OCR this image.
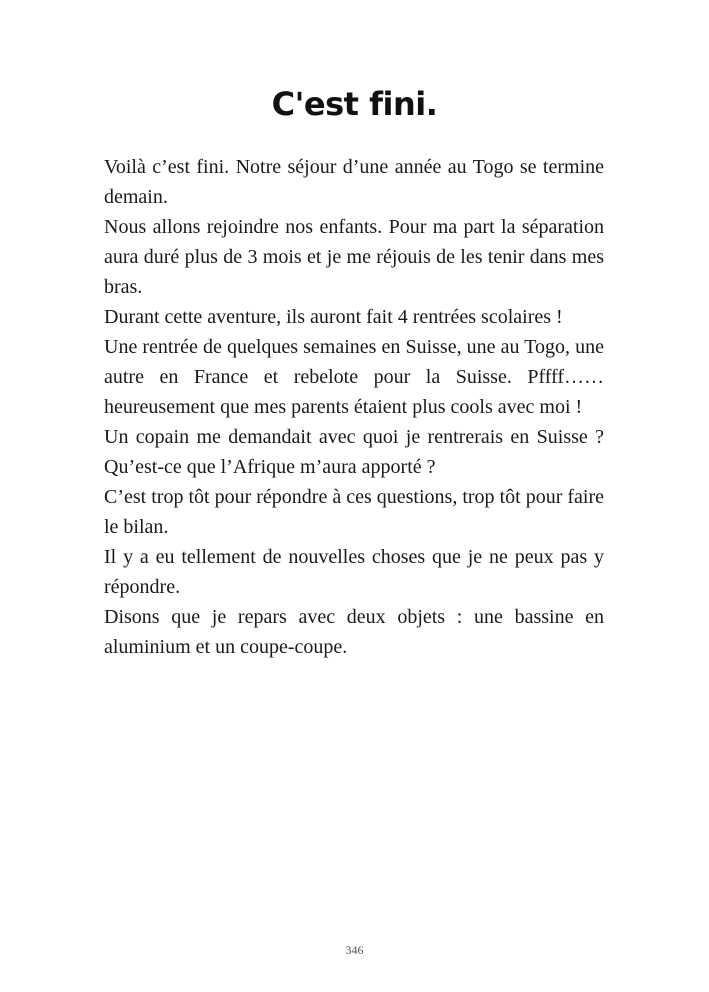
C'est fini.

Voilà c’est fini. Notre séjour d’une année au Togo se termine demain.

Nous allons rejoindre nos enfants. Pour ma part la séparation aura duré plus de 3 mois et je me réjouis de les tenir dans mes bras.

Durant cette aventure, ils auront fait 4 rentrées scolaires !

Une rentrée de quelques semaines en Suisse, une au Togo, une autre en France et rebelote pour la Suisse. Pffff…… heureusement que mes parents étaient plus cools avec moi !

Un copain me demandait avec quoi je rentrerais en Suisse ? Qu’est-ce que l’Afrique m’aura apporté ?

C’est trop tôt pour répondre à ces questions, trop tôt pour faire le bilan.

Il y a eu tellement de nouvelles choses que je ne peux pas y répondre.

Disons que je repars avec deux objets : une bassine en aluminium et un coupe-coupe.

346
